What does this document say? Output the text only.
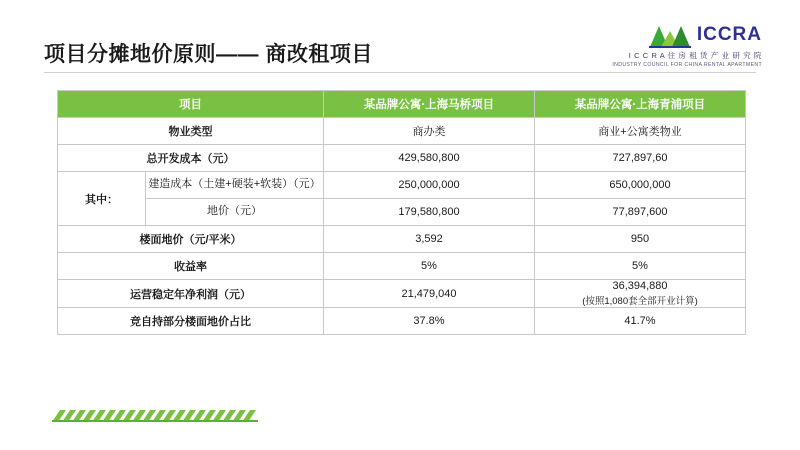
ICCRA
I C C R A 住 房 租 赁 产 业 研 究 院
INDUSTRY COUNCIL FOR CHINA RENTAL APARTMENT
项目分摊地价原则—— 商改租项目
项目		某品牌公寓·上海马桥项目	某品牌公寓·上海青浦项目
物业类型		商办类	商业+公寓类物业
总开发成本（元）		429,580,800	727,897,60
其中：	建造成本（土建+硬装+软装）（元）	250,000,000	650,000,000
	地价（元）	179,580,800	77,897,600
楼面地价（元/平米）		3,592	950
收益率		5%	5%
运营稳定年净利润（元）		21,479,040	36,394,880
(按照1,080套全部开业计算)

竞自持部分楼面地价占比		37.8%	41.7%
